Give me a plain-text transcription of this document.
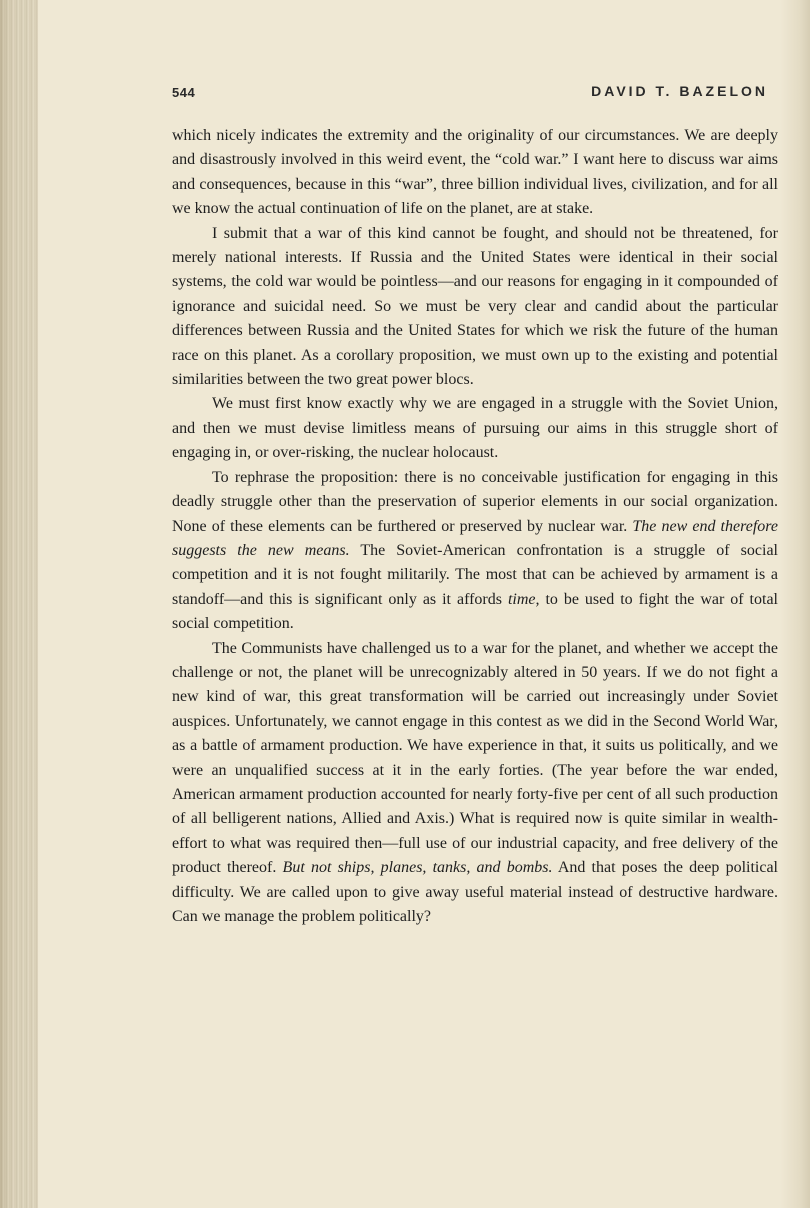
544	DAVID T. BAZELON

which nicely indicates the extremity and the originality of our circumstances. We are deeply and disastrously involved in this weird event, the “cold war.” I want here to discuss war aims and consequences, because in this “war”, three billion individual lives, civilization, and for all we know the actual continuation of life on the planet, are at stake.

I submit that a war of this kind cannot be fought, and should not be threatened, for merely national interests. If Russia and the United States were identical in their social systems, the cold war would be pointless—and our reasons for engaging in it compounded of ignorance and suicidal need. So we must be very clear and candid about the particular differences between Russia and the United States for which we risk the future of the human race on this planet. As a corollary proposition, we must own up to the existing and potential similarities between the two great power blocs.

We must first know exactly why we are engaged in a struggle with the Soviet Union, and then we must devise limitless means of pursuing our aims in this struggle short of engaging in, or over-risking, the nuclear holocaust.

To rephrase the proposition: there is no conceivable justification for engaging in this deadly struggle other than the preservation of superior elements in our social organization. None of these elements can be furthered or preserved by nuclear war. The new end therefore suggests the new means. The Soviet-American confrontation is a struggle of social competition and it is not fought militarily. The most that can be achieved by armament is a standoff—and this is significant only as it affords time, to be used to fight the war of total social competition.

The Communists have challenged us to a war for the planet, and whether we accept the challenge or not, the planet will be unrecognizably altered in 50 years. If we do not fight a new kind of war, this great transformation will be carried out increasingly under Soviet auspices. Unfortunately, we cannot engage in this contest as we did in the Second World War, as a battle of armament production. We have experience in that, it suits us politically, and we were an unqualified success at it in the early forties. (The year before the war ended, American armament production accounted for nearly forty-five per cent of all such production of all belligerent nations, Allied and Axis.) What is required now is quite similar in wealth-effort to what was required then—full use of our industrial capacity, and free delivery of the product thereof. But not ships, planes, tanks, and bombs. And that poses the deep political difficulty. We are called upon to give away useful material instead of destructive hardware. Can we manage the problem politically?
